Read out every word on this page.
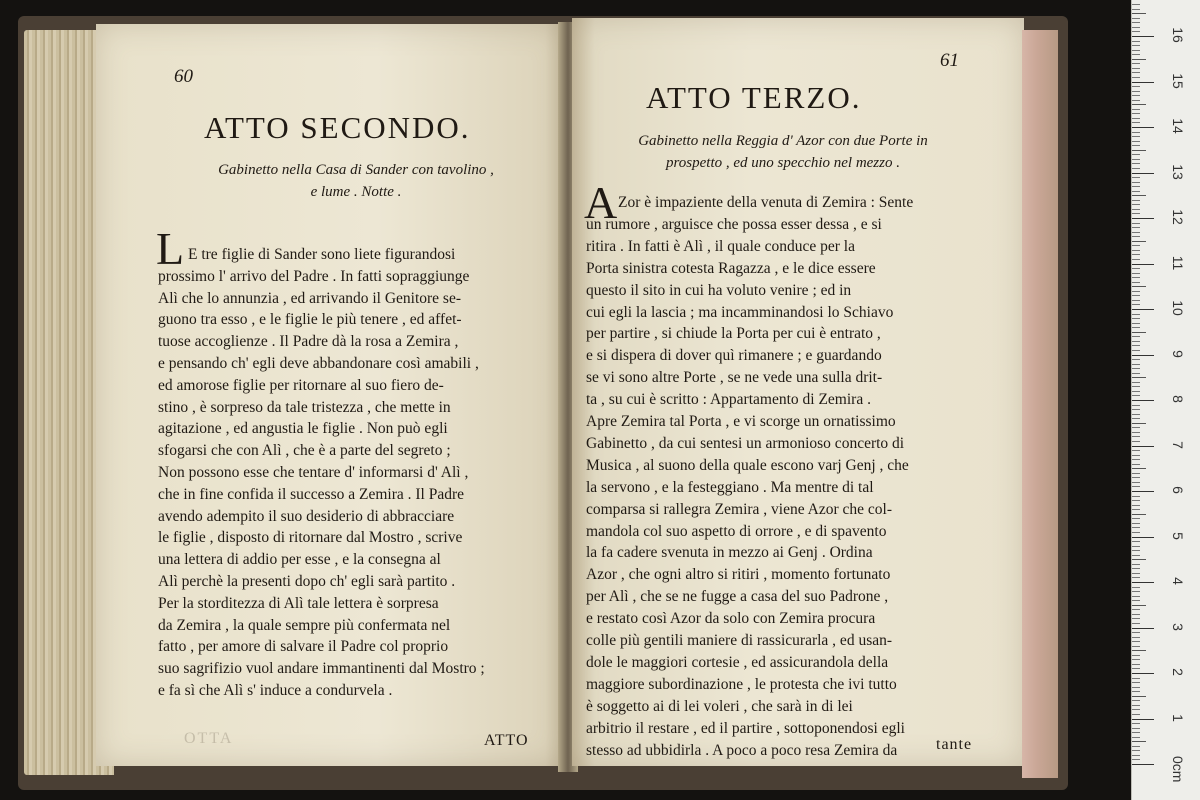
60
ATTO SECONDO.
Gabinetto nella Casa di Sander con tavolino ,
e lume . Notte .
L E tre figlie di Sander sono liete figurandosi
prossimo l' arrivo del Padre . In fatti sopraggiunge
Alì che lo annunzia , ed arrivando il Genitore se-
guono tra esso , e le figlie le più tenere , ed affet-
tuose accoglienze . Il Padre dà la rosa a Zemira ,
e pensando ch' egli deve abbandonare così amabili ,
ed amorose figlie per ritornare al suo fiero de-
stino , è sorpreso da tale tristezza , che mette in
agitazione , ed angustia le figlie . Non può egli
sfogarsi che con Alì , che è a parte del segreto ;
Non possono esse che tentare d' informarsi d' Alì ,
che in fine confida il successo a Zemira . Il Padre
avendo adempito il suo desiderio di abbracciare
le figlie , disposto di ritornare dal Mostro , scrive
una lettera di addio per esse , e la consegna al
Alì perchè la presenti dopo ch' egli sarà partito .
Per la storditezza di Alì tale lettera è sorpresa
da Zemira , la quale sempre più confermata nel
fatto , per amore di salvare il Padre col proprio
suo sagrifizio vuol andare immantinenti dal Mostro ;
e fa sì che Alì s' induce a condurvela .
OTTA	ATTO
61
ATTO TERZO.
Gabinetto nella Reggia d' Azor con due Porte in
prospetto , ed uno specchio nel mezzo .
A Zor è impaziente della venuta di Zemira : Sente
un rumore , arguisce che possa esser dessa , e si
ritira . In fatti è Alì , il quale conduce per la
Porta sinistra cotesta Ragazza , e le dice essere
questo il sito in cui ha voluto venire ; ed in
cui egli la lascia ; ma incamminandosi lo Schiavo
per partire , si chiude la Porta per cui è entrato ,
e si dispera di dover quì rimanere ; e guardando
se vi sono altre Porte , se ne vede una sulla drit-
ta , su cui è scritto : Appartamento di Zemira .
Apre Zemira tal Porta , e vi scorge un ornatissimo
Gabinetto , da cui sentesi un armonioso concerto di
Musica , al suono della quale escono varj Genj , che
la servono , e la festeggiano . Ma mentre di tal
comparsa si rallegra Zemira , viene Azor che col-
mandola col suo aspetto di orrore , e di spavento
la fa cadere svenuta in mezzo ai Genj . Ordina
Azor , che ogni altro si ritiri , momento fortunato
per Alì , che se ne fugge a casa del suo Padrone ,
e restato così Azor da solo con Zemira procura
colle più gentili maniere di rassicurarla , ed usan-
dole le maggiori cortesie , ed assicurandola della
maggiore subordinazione , le protesta che ivi tutto
è soggetto ai di lei voleri , che sarà in di lei
arbitrio il restare , ed il partire , sottoponendosi egli
stesso ad ubbidirla . A poco a poco resa Zemira da	tante
0cm
1
2
3
4
5
6
7
8
9
10
11
12
13
14
15
16
